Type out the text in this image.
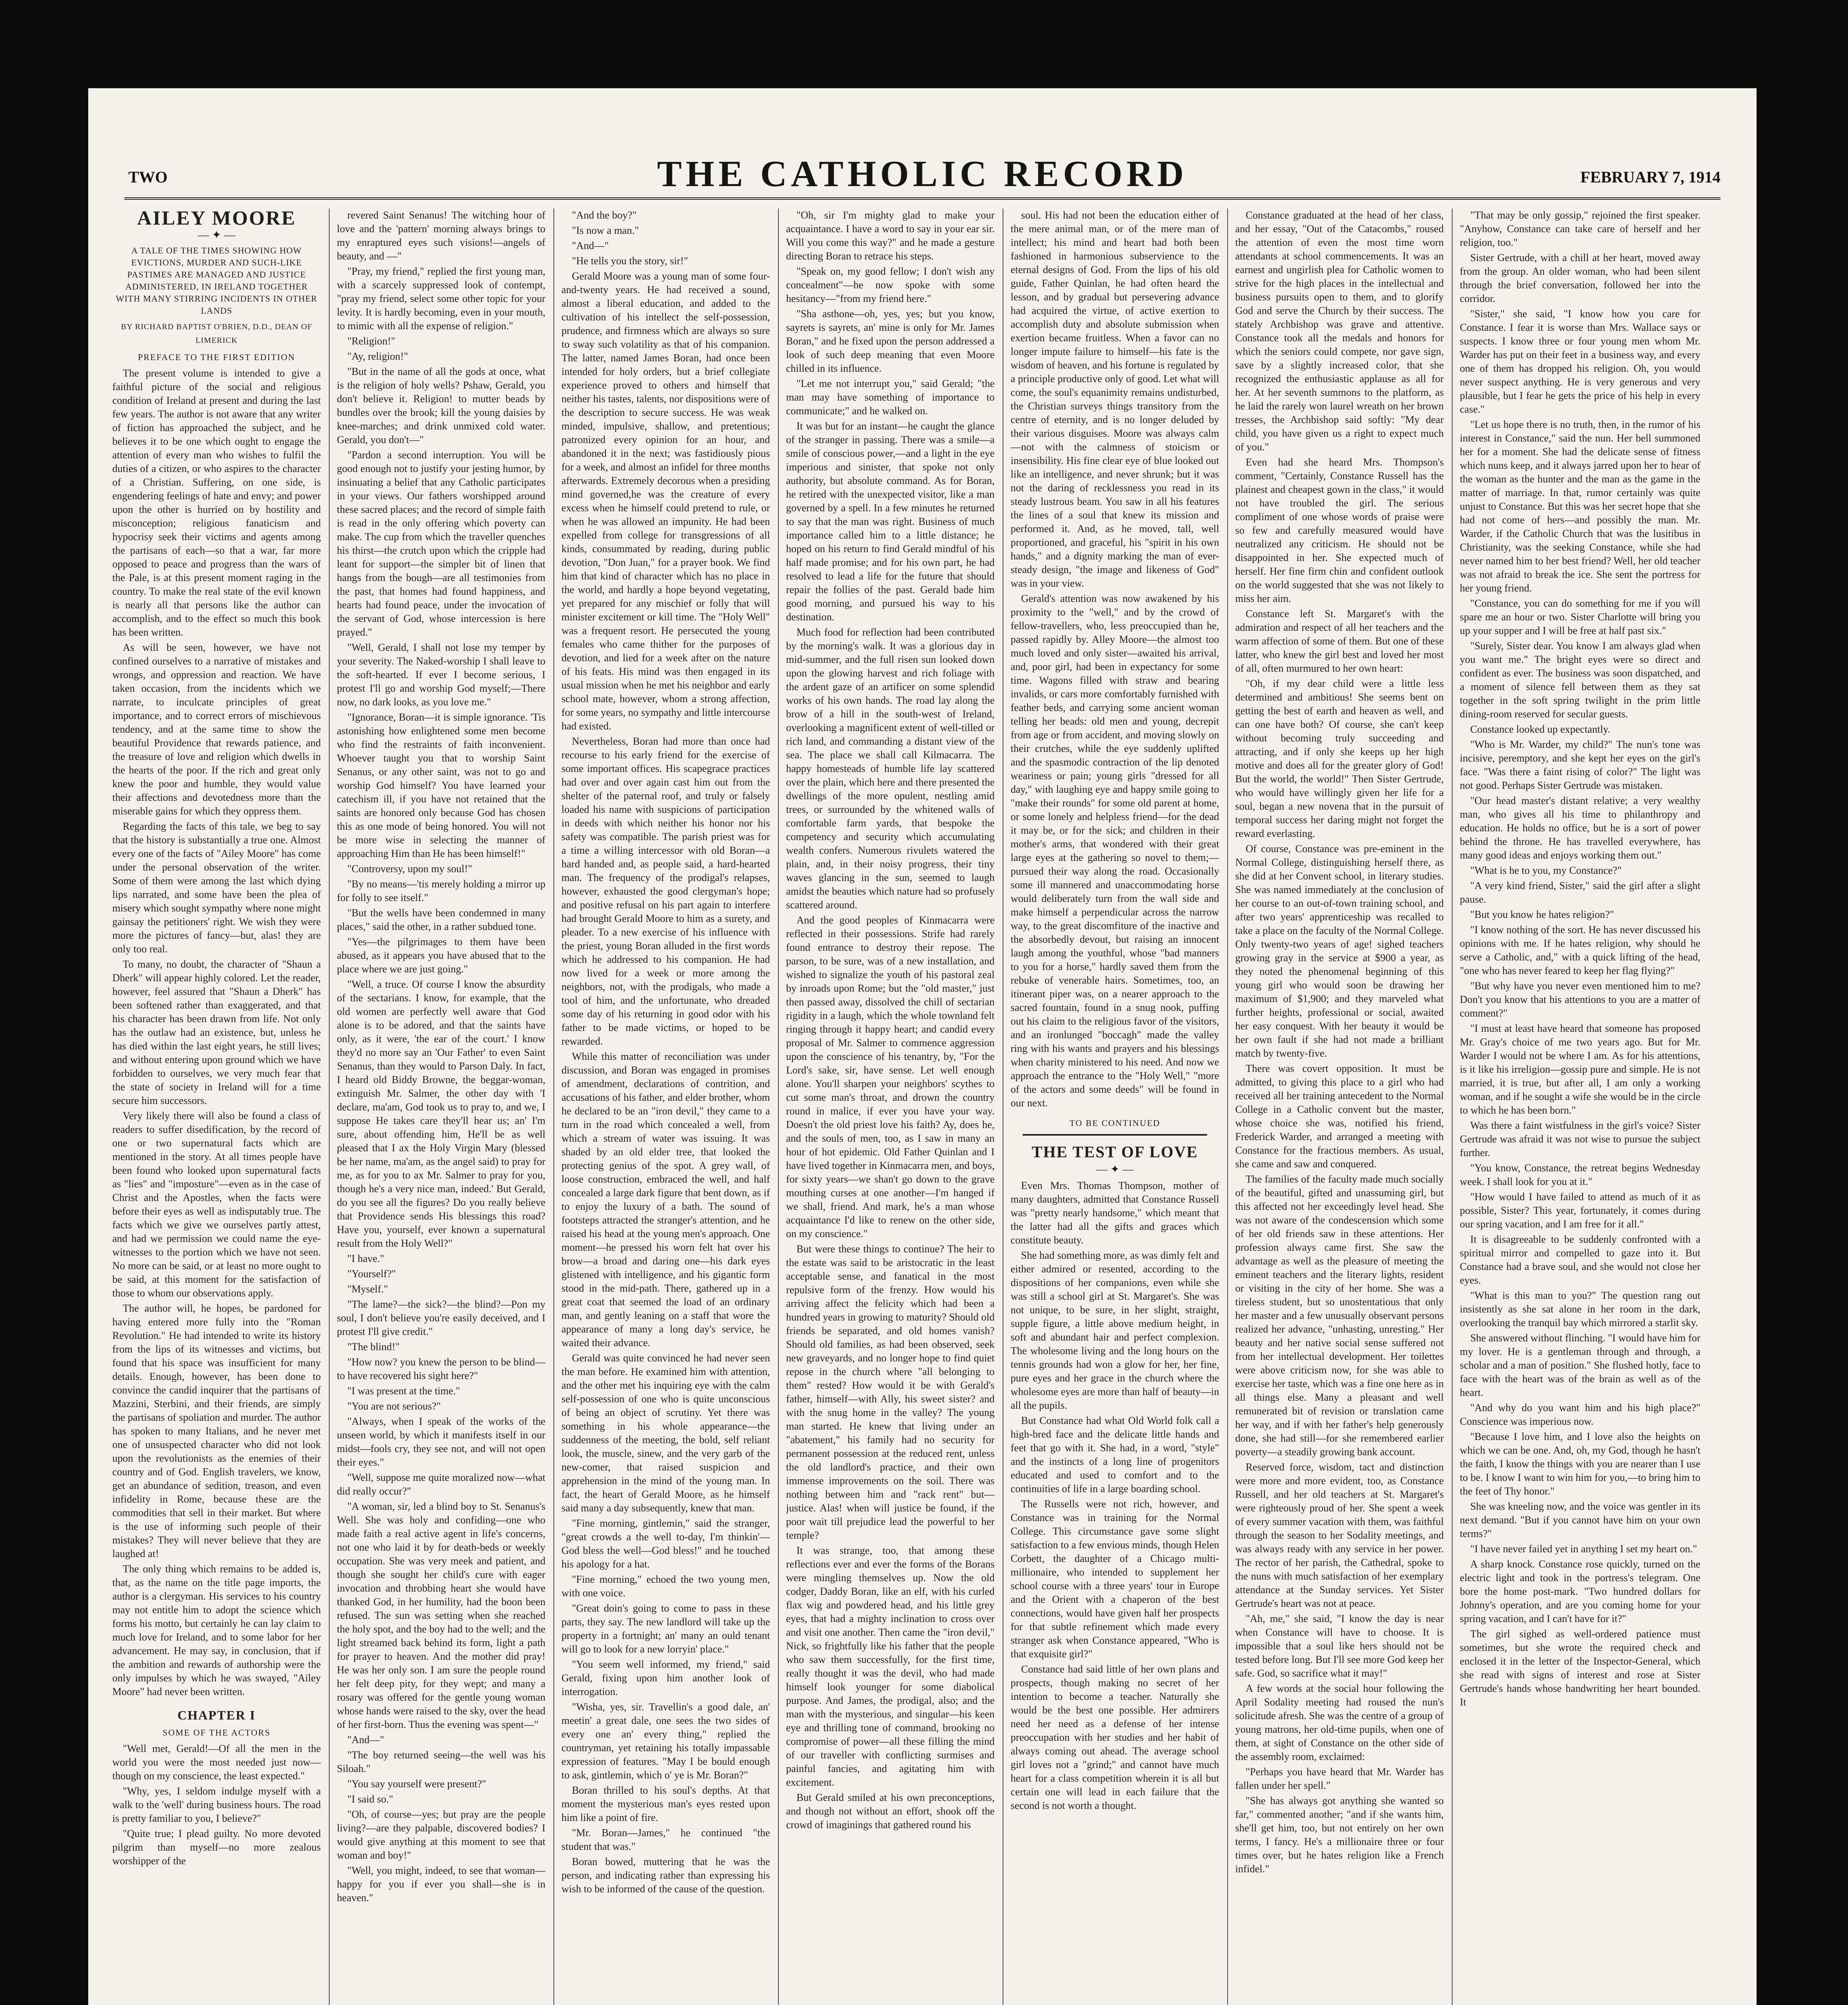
TWO	THE CATHOLIC RECORD	FEBRUARY 7, 1914
AILEY MOORE
— ✦ —
A TALE OF THE TIMES SHOWING HOW EVICTIONS, MURDER AND SUCH-LIKE PASTIMES ARE MANAGED AND JUSTICE ADMINISTERED, IN IRELAND TOGETHER WITH MANY STIRRING INCIDENTS IN OTHER LANDS
BY RICHARD BAPTIST O'BRIEN, D.D., DEAN OF LIMERICK
PREFACE TO THE FIRST EDITION

The present volume is intended to give a faithful picture of the social and religious condition of Ireland at present and during the last few years. The author is not aware that any writer of fiction has approached the subject, and he believes it to be one which ought to engage the attention of every man who wishes to fulfil the duties of a citizen, or who aspires to the character of a Christian. Suffering, on one side, is engendering feelings of hate and envy; and power upon the other is hurried on by hostility and misconception; religious fanaticism and hypocrisy seek their victims and agents among the partisans of each—so that a war, far more opposed to peace and progress than the wars of the Pale, is at this present moment raging in the country. To make the real state of the evil known is nearly all that persons like the author can accomplish, and to the effect so much this book has been written.

As will be seen, however, we have not confined ourselves to a narrative of mistakes and wrongs, and oppression and reaction. We have taken occasion, from the incidents which we narrate, to inculcate principles of great importance, and to correct errors of mischievous tendency, and at the same time to show the beautiful Providence that rewards patience, and the treasure of love and religion which dwells in the hearts of the poor. If the rich and great only knew the poor and humble, they would value their affections and devotedness more than the miserable gains for which they oppress them.

Regarding the facts of this tale, we beg to say that the history is substantially a true one. Almost every one of the facts of "Ailey Moore" has come under the personal observation of the writer. Some of them were among the last which dying lips narrated, and some have been the plea of misery which sought sympathy where none might gainsay the petitioners' right. We wish they were more the pictures of fancy—but, alas! they are only too real.

To many, no doubt, the character of "Shaun a Dherk" will appear highly colored. Let the reader, however, feel assured that "Shaun a Dherk" has been softened rather than exaggerated, and that his character has been drawn from life. Not only has the outlaw had an existence, but, unless he has died within the last eight years, he still lives; and without entering upon ground which we have forbidden to ourselves, we very much fear that the state of society in Ireland will for a time secure him successors.

Very likely there will also be found a class of readers to suffer disedification, by the record of one or two supernatural facts which are mentioned in the story. At all times people have been found who looked upon supernatural facts as "lies" and "imposture"—even as in the case of Christ and the Apostles, when the facts were before their eyes as well as indisputably true. The facts which we give we ourselves partly attest, and had we permission we could name the eye-witnesses to the portion which we have not seen. No more can be said, or at least no more ought to be said, at this moment for the satisfaction of those to whom our observations apply.

The author will, he hopes, be pardoned for having entered more fully into the "Roman Revolution." He had intended to write its history from the lips of its witnesses and victims, but found that his space was insufficient for many details. Enough, however, has been done to convince the candid inquirer that the partisans of Mazzini, Sterbini, and their friends, are simply the partisans of spoliation and murder. The author has spoken to many Italians, and he never met one of unsuspected character who did not look upon the revolutionists as the enemies of their country and of God. English travelers, we know, get an abundance of sedition, treason, and even infidelity in Rome, because these are the commodities that sell in their market. But where is the use of informing such people of their mistakes? They will never believe that they are laughed at!

The only thing which remains to be added is, that, as the name on the title page imports, the author is a clergyman. His services to his country may not entitle him to adopt the science which forms his motto, but certainly he can lay claim to much love for Ireland, and to some labor for her advancement. He may say, in conclusion, that if the ambition and rewards of authorship were the only impulses by which he was swayed, "Ailey Moore" had never been written.

CHAPTER I
SOME OF THE ACTORS

"Well met, Gerald!—Of all the men in the world you were the most needed just now—though on my conscience, the least expected."

"Why, yes, I seldom indulge myself with a walk to the 'well' during business hours. The road is pretty familiar to you, I believe?"

"Quite true; I plead guilty. No more devoted pilgrim than myself—no more zealous worshipper of the

revered Saint Senanus! The witching hour of love and the 'pattern' morning always brings to my enraptured eyes such visions!—angels of beauty, and —"

"Pray, my friend," replied the first young man, with a scarcely suppressed look of contempt, "pray my friend, select some other topic for your levity. It is hardly becoming, even in your mouth, to mimic with all the expense of religion."

"Religion!"

"Ay, religion!"

"But in the name of all the gods at once, what is the religion of holy wells? Pshaw, Gerald, you don't believe it. Religion! to mutter beads by bundles over the brook; kill the young daisies by knee-marches; and drink unmixed cold water. Gerald, you don't—"

"Pardon a second interruption. You will be good enough not to justify your jesting humor, by insinuating a belief that any Catholic participates in your views. Our fathers worshipped around these sacred places; and the record of simple faith is read in the only offering which poverty can make. The cup from which the traveller quenches his thirst—the crutch upon which the cripple had leant for support—the simpler bit of linen that hangs from the bough—are all testimonies from the past, that homes had found happiness, and hearts had found peace, under the invocation of the servant of God, whose intercession is here prayed."

"Well, Gerald, I shall not lose my temper by your severity. The Naked-worship I shall leave to the soft-hearted. If ever I become serious, I protest I'll go and worship God myself;—There now, no dark looks, as you love me."

"Ignorance, Boran—it is simple ignorance. 'Tis astonishing how enlightened some men become who find the restraints of faith inconvenient. Whoever taught you that to worship Saint Senanus, or any other saint, was not to go and worship God himself? You have learned your catechism ill, if you have not retained that the saints are honored only because God has chosen this as one mode of being honored. You will not be more wise in selecting the manner of approaching Him than He has been himself!"

"Controversy, upon my soul!"

"By no means—'tis merely holding a mirror up for folly to see itself."

"But the wells have been condemned in many places," said the other, in a rather subdued tone.

"Yes—the pilgrimages to them have been abused, as it appears you have abused that to the place where we are just going."

"Well, a truce. Of course I know the absurdity of the sectarians. I know, for example, that the old women are perfectly well aware that God alone is to be adored, and that the saints have only, as it were, 'the ear of the court.' I know they'd no more say an 'Our Father' to even Saint Senanus, than they would to Parson Daly. In fact, I heard old Biddy Browne, the beggar-woman, extinguish Mr. Salmer, the other day with 'I declare, ma'am, God took us to pray to, and we, I suppose He takes care they'll hear us; an' I'm sure, about offending him, He'll be as well pleased that I ax the Holy Virgin Mary (blessed be her name, ma'am, as the angel said) to pray for me, as for you to ax Mr. Salmer to pray for you, though he's a very nice man, indeed.' But Gerald, do you see all the figures? Do you really believe that Providence sends His blessings this road? Have you, yourself, ever known a supernatural result from the Holy Well?"

"I have."

"Yourself?"

"Myself."

"The lame?—the sick?—the blind?—Pon my soul, I don't believe you're easily deceived, and I protest I'll give credit."

"The blind!"

"How now? you knew the person to be blind—to have recovered his sight here?"

"I was present at the time."

"You are not serious?"

"Always, when I speak of the works of the unseen world, by which it manifests itself in our midst—fools cry, they see not, and will not open their eyes."

"Well, suppose me quite moralized now—what did really occur?"

"A woman, sir, led a blind boy to St. Senanus's Well. She was holy and confiding—one who made faith a real active agent in life's concerns, not one who laid it by for death-beds or weekly occupation. She was very meek and patient, and though she sought her child's cure with eager invocation and throbbing heart she would have thanked God, in her humility, had the boon been refused. The sun was setting when she reached the holy spot, and the boy had to the well; and the light streamed back behind its form, light a path for prayer to heaven. And the mother did pray! He was her only son. I am sure the people round her felt deep pity, for they wept; and many a rosary was offered for the gentle young woman whose hands were raised to the sky, over the head of her first-born. Thus the evening was spent—"

"And—"

"The boy returned seeing—the well was his Siloah."

"You say yourself were present?"

"I said so."

"Oh, of course—yes; but pray are the people living?—are they palpable, discovered bodies? I would give anything at this moment to see that woman and boy!"

"Well, you might, indeed, to see that woman—happy for you if ever you shall—she is in heaven."

"And the boy?"

"Is now a man."

"And—"

"He tells you the story, sir!"

Gerald Moore was a young man of some four-and-twenty years. He had received a sound, almost a liberal education, and added to the cultivation of his intellect the self-possession, prudence, and firmness which are always so sure to sway such volatility as that of his companion. The latter, named James Boran, had once been intended for holy orders, but a brief collegiate experience proved to others and himself that neither his tastes, talents, nor dispositions were of the description to secure success. He was weak minded, impulsive, shallow, and pretentious; patronized every opinion for an hour, and abandoned it in the next; was fastidiously pious for a week, and almost an infidel for three months afterwards. Extremely decorous when a presiding mind governed,he was the creature of every excess when he himself could pretend to rule, or when he was allowed an impunity. He had been expelled from college for transgressions of all kinds, consummated by reading, during public devotion, "Don Juan," for a prayer book. We find him that kind of character which has no place in the world, and hardly a hope beyond vegetating, yet prepared for any mischief or folly that will minister excitement or kill time. The "Holy Well" was a frequent resort. He persecuted the young females who came thither for the purposes of devotion, and lied for a week after on the nature of his feats. His mind was then engaged in its usual mission when he met his neighbor and early school mate, however, whom a strong affection, for some years, no sympathy and little intercourse had existed.

Nevertheless, Boran had more than once had recourse to his early friend for the exercise of some important offices. His scapegrace practices had over and over again cast him out from the shelter of the paternal roof, and truly or falsely loaded his name with suspicions of participation in deeds with which neither his honor nor his safety was compatible. The parish priest was for a time a willing intercessor with old Boran—a hard handed and, as people said, a hard-hearted man. The frequency of the prodigal's relapses, however, exhausted the good clergyman's hope; and positive refusal on his part again to interfere had brought Gerald Moore to him as a surety, and pleader. To a new exercise of his influence with the priest, young Boran alluded in the first words which he addressed to his companion. He had now lived for a week or more among the neighbors, not, with the prodigals, who made a tool of him, and the unfortunate, who dreaded some day of his returning in good odor with his father to be made victims, or hoped to be rewarded.

While this matter of reconciliation was under discussion, and Boran was engaged in promises of amendment, declarations of contrition, and accusations of his father, and elder brother, whom he declared to be an "iron devil," they came to a turn in the road which concealed a well, from which a stream of water was issuing. It was shaded by an old elder tree, that looked the protecting genius of the spot. A grey wall, of loose construction, embraced the well, and half concealed a large dark figure that bent down, as if to enjoy the luxury of a bath. The sound of footsteps attracted the stranger's attention, and he raised his head at the young men's approach. One moment—he pressed his worn felt hat over his brow—a broad and daring one—his dark eyes glistened with intelligence, and his gigantic form stood in the mid-path. There, gathered up in a great coat that seemed the load of an ordinary man, and gently leaning on a staff that wore the appearance of many a long day's service, he waited their advance.

Gerald was quite convinced he had never seen the man before. He examined him with attention, and the other met his inquiring eye with the calm self-possession of one who is quite unconscious of being an object of scrutiny. Yet there was something in his whole appearance—the suddenness of the meeting, the bold, self reliant look, the muscle, sinew, and the very garb of the new-comer, that raised suspicion and apprehension in the mind of the young man. In fact, the heart of Gerald Moore, as he himself said many a day subsequently, knew that man.

"Fine morning, gintlemin," said the stranger, "great crowds a the well to-day, I'm thinkin'—God bless the well—God bless!" and he touched his apology for a hat.

"Fine morning," echoed the two young men, with one voice.

"Great doin's going to come to pass in these parts, they say. The new landlord will take up the property in a fortnight; an' many an ould tenant will go to look for a new lorryin' place."

"You seem well informed, my friend," said Gerald, fixing upon him another look of interrogation.

"Wisha, yes, sir. Travellin's a good dale, an' meetin' a great dale, one sees the two sides of every one an' every thing," replied the countryman, yet retaining his totally impassable expression of features. "May I be bould enough to ask, gintlemin, which o' ye is Mr. Boran?"

Boran thrilled to his soul's depths. At that moment the mysterious man's eyes rested upon him like a point of fire.

"Mr. Boran—James," he continued "the student that was."

Boran bowed, muttering that he was the person, and indicating rather than expressing his wish to be informed of the cause of the question.

"Oh, sir I'm mighty glad to make your acquaintance. I have a word to say in your ear sir. Will you come this way?" and he made a gesture directing Boran to retrace his steps.

"Speak on, my good fellow; I don't wish any concealment"—he now spoke with some hesitancy—"from my friend here."

"Sha asthone—oh, yes, yes; but you know, sayrets is sayrets, an' mine is only for Mr. James Boran," and he fixed upon the person addressed a look of such deep meaning that even Moore chilled in its influence.

"Let me not interrupt you," said Gerald; "the man may have something of importance to communicate;" and he walked on.

It was but for an instant—he caught the glance of the stranger in passing. There was a smile—a smile of conscious power,—and a light in the eye imperious and sinister, that spoke not only authority, but absolute command. As for Boran, he retired with the unexpected visitor, like a man governed by a spell. In a few minutes he returned to say that the man was right. Business of much importance called him to a little distance; he hoped on his return to find Gerald mindful of his half made promise; and for his own part, he had resolved to lead a life for the future that should repair the follies of the past. Gerald bade him good morning, and pursued his way to his destination.

Much food for reflection had been contributed by the morning's walk. It was a glorious day in mid-summer, and the full risen sun looked down upon the glowing harvest and rich foliage with the ardent gaze of an artificer on some splendid works of his own hands. The road lay along the brow of a hill in the south-west of Ireland, overlooking a magnificent extent of well-tilled or rich land, and commanding a distant view of the sea. The place we shall call Kilmacarra. The happy homesteads of humble life lay scattered over the plain, which here and there presented the dwellings of the more opulent, nestling amid trees, or surrounded by the whitened walls of comfortable farm yards, that bespoke the competency and security which accumulating wealth confers. Numerous rivulets watered the plain, and, in their noisy progress, their tiny waves glancing in the sun, seemed to laugh amidst the beauties which nature had so profusely scattered around.

And the good peoples of Kinmacarra were reflected in their possessions. Strife had rarely found entrance to destroy their repose. The parson, to be sure, was of a new installation, and wished to signalize the youth of his pastoral zeal by inroads upon Rome; but the "old master," just then passed away, dissolved the chill of sectarian rigidity in a laugh, which the whole townland felt ringing through it happy heart; and candid every proposal of Mr. Salmer to commence aggression upon the conscience of his tenantry, by, "For the Lord's sake, sir, have sense. Let well enough alone. You'll sharpen your neighbors' scythes to cut some man's throat, and drown the country round in malice, if ever you have your way. Doesn't the old priest love his faith? Ay, does he, and the souls of men, too, as I saw in many an hour of hot epidemic. Old Father Quinlan and I have lived together in Kinmacarra men, and boys, for sixty years—we shan't go down to the grave mouthing curses at one another—I'm hanged if we shall, friend. And mark, he's a man whose acquaintance I'd like to renew on the other side, on my conscience."

But were these things to continue? The heir to the estate was said to be aristocratic in the least acceptable sense, and fanatical in the most repulsive form of the frenzy. How would his arriving affect the felicity which had been a hundred years in growing to maturity? Should old friends be separated, and old homes vanish? Should old families, as had been observed, seek new graveyards, and no longer hope to find quiet repose in the church where "all belonging to them" rested? How would it be with Gerald's father, himself—with Ally, his sweet sister? and with the snug home in the valley? The young man started. He knew that living under an "abatement," his family had no security for permanent possession at the reduced rent, unless the old landlord's practice, and their own immense improvements on the soil. There was nothing between him and "rack rent" but—justice. Alas! when will justice be found, if the poor wait till prejudice lead the powerful to her temple?

It was strange, too, that among these reflections ever and ever the forms of the Borans were mingling themselves up. Now the old codger, Daddy Boran, like an elf, with his curled flax wig and powdered head, and his little grey eyes, that had a mighty inclination to cross over and visit one another. Then came the "iron devil," Nick, so frightfully like his father that the people who saw them successfully, for the first time, really thought it was the devil, who had made himself look younger for some diabolical purpose. And James, the prodigal, also; and the man with the mysterious, and singular—his keen eye and thrilling tone of command, brooking no compromise of power—all these filling the mind of our traveller with conflicting surmises and painful fancies, and agitating him with excitement.

But Gerald smiled at his own preconceptions, and though not without an effort, shook off the crowd of imaginings that gathered round his

soul. His had not been the education either of the mere animal man, or of the mere man of intellect; his mind and heart had both been fashioned in harmonious subservience to the eternal designs of God. From the lips of his old guide, Father Quinlan, he had often heard the lesson, and by gradual but persevering advance had acquired the virtue, of active exertion to accomplish duty and absolute submission when exertion became fruitless. When a favor can no longer impute failure to himself—his fate is the wisdom of heaven, and his fortune is regulated by a principle productive only of good. Let what will come, the soul's equanimity remains undisturbed, the Christian surveys things transitory from the centre of eternity, and is no longer deluded by their various disguises. Moore was always calm—not with the calmness of stoicism or insensibility. His fine clear eye of blue looked out like an intelligence, and never shrunk; but it was not the daring of recklessness you read in its steady lustrous beam. You saw in all his features the lines of a soul that knew its mission and performed it. And, as he moved, tall, well proportioned, and graceful, his "spirit in his own hands," and a dignity marking the man of ever-steady design, "the image and likeness of God" was in your view.

Gerald's attention was now awakened by his proximity to the "well," and by the crowd of fellow-travellers, who, less preoccupied than he, passed rapidly by. Alley Moore—the almost too much loved and only sister—awaited his arrival, and, poor girl, had been in expectancy for some time. Wagons filled with straw and bearing invalids, or cars more comfortably furnished with feather beds, and carrying some ancient woman telling her beads: old men and young, decrepit from age or from accident, and moving slowly on their crutches, while the eye suddenly uplifted and the spasmodic contraction of the lip denoted weariness or pain; young girls "dressed for all day," with laughing eye and happy smile going to "make their rounds" for some old parent at home, or some lonely and helpless friend—for the dead it may be, or for the sick; and children in their mother's arms, that wondered with their great large eyes at the gathering so novel to them;—pursued their way along the road. Occasionally some ill mannered and unaccommodating horse would deliberately turn from the wall side and make himself a perpendicular across the narrow way, to the great discomfiture of the inactive and the absorbedly devout, but raising an innocent laugh among the youthful, whose "bad manners to you for a horse," hardly saved them from the rebuke of venerable hairs. Sometimes, too, an itinerant piper was, on a nearer approach to the sacred fountain, found in a snug nook, puffing out his claim to the religious favor of the visitors, and an ironlunged "boccagh" made the valley ring with his wants and prayers and his blessings when charity ministered to his need. And now we approach the entrance to the "Holy Well," "more of the actors and some deeds" will be found in our next.

TO BE CONTINUED
THE TEST OF LOVE
— ✦ —

Even Mrs. Thomas Thompson, mother of many daughters, admitted that Constance Russell was "pretty nearly handsome," which meant that the latter had all the gifts and graces which constitute beauty.

She had something more, as was dimly felt and either admired or resented, according to the dispositions of her companions, even while she was still a school girl at St. Margaret's. She was not unique, to be sure, in her slight, straight, supple figure, a little above medium height, in soft and abundant hair and perfect complexion. The wholesome living and the long hours on the tennis grounds had won a glow for her, her fine, pure eyes and her grace in the church where the wholesome eyes are more than half of beauty—in all the pupils.

But Constance had what Old World folk call a high-bred face and the delicate little hands and feet that go with it. She had, in a word, "style" and the instincts of a long line of progenitors educated and used to comfort and to the continuities of life in a large boarding school.

The Russells were not rich, however, and Constance was in training for the Normal College. This circumstance gave some slight satisfaction to a few envious minds, though Helen Corbett, the daughter of a Chicago multi-millionaire, who intended to supplement her school course with a three years' tour in Europe and the Orient with a chaperon of the best connections, would have given half her prospects for that subtle refinement which made every stranger ask when Constance appeared, "Who is that exquisite girl?"

Constance had said little of her own plans and prospects, though making no secret of her intention to become a teacher. Naturally she would be the best one possible. Her admirers need her need as a defense of her intense preoccupation with her studies and her habit of always coming out ahead. The average school girl loves not a "grind;" and cannot have much heart for a class competition wherein it is all but certain one will lead in each failure that the second is not worth a thought.

Constance graduated at the head of her class, and her essay, "Out of the Catacombs," roused the attention of even the most time worn attendants at school commencements. It was an earnest and ungirlish plea for Catholic women to strive for the high places in the intellectual and business pursuits open to them, and to glorify God and serve the Church by their success. The stately Archbishop was grave and attentive. Constance took all the medals and honors for which the seniors could compete, nor gave sign, save by a slightly increased color, that she recognized the enthusiastic applause as all for her. At her seventh summons to the platform, as he laid the rarely won laurel wreath on her brown tresses, the Archbishop said softly: "My dear child, you have given us a right to expect much of you."

Even had she heard Mrs. Thompson's comment, "Certainly, Constance Russell has the plainest and cheapest gown in the class," it would not have troubled the girl. The serious compliment of one whose words of praise were so few and carefully measured would have neutralized any criticism. He should not be disappointed in her. She expected much of herself. Her fine firm chin and confident outlook on the world suggested that she was not likely to miss her aim.

Constance left St. Margaret's with the admiration and respect of all her teachers and the warm affection of some of them. But one of these latter, who knew the girl best and loved her most of all, often murmured to her own heart:

"Oh, if my dear child were a little less determined and ambitious! She seems bent on getting the best of earth and heaven as well, and can one have both? Of course, she can't keep without becoming truly succeeding and attracting, and if only she keeps up her high motive and does all for the greater glory of God! But the world, the world!" Then Sister Gertrude, who would have willingly given her life for a soul, began a new novena that in the pursuit of temporal success her daring might not forget the reward everlasting.

Of course, Constance was pre-eminent in the Normal College, distinguishing herself there, as she did at her Convent school, in literary studies. She was named immediately at the conclusion of her course to an out-of-town training school, and after two years' apprenticeship was recalled to take a place on the faculty of the Normal College. Only twenty-two years of age! sighed teachers growing gray in the service at $900 a year, as they noted the phenomenal beginning of this young girl who would soon be drawing her maximum of $1,900; and they marveled what further heights, professional or social, awaited her easy conquest. With her beauty it would be her own fault if she had not made a brilliant match by twenty-five.

There was covert opposition. It must be admitted, to giving this place to a girl who had received all her training antecedent to the Normal College in a Catholic convent but the master, whose choice she was, notified his friend, Frederick Warder, and arranged a meeting with Constance for the fractious members. As usual, she came and saw and conquered.

The families of the faculty made much socially of the beautiful, gifted and unassuming girl, but this affected not her exceedingly level head. She was not aware of the condescension which some of her old friends saw in these attentions. Her profession always came first. She saw the advantage as well as the pleasure of meeting the eminent teachers and the literary lights, resident or visiting in the city of her home. She was a tireless student, but so unostentatious that only her master and a few unusually observant persons realized her advance, "unhasting, unresting." Her beauty and her native social sense suffered not from her intellectual development. Her toilettes were above criticism now, for she was able to exercise her taste, which was a fine one here as in all things else. Many a pleasant and well remunerated bit of revision or translation came her way, and if with her father's help generously done, she had still—for she remembered earlier poverty—a steadily growing bank account.

Reserved force, wisdom, tact and distinction were more and more evident, too, as Constance Russell, and her old teachers at St. Margaret's were righteously proud of her. She spent a week of every summer vacation with them, was faithful through the season to her Sodality meetings, and was always ready with any service in her power. The rector of her parish, the Cathedral, spoke to the nuns with much satisfaction of her exemplary attendance at the Sunday services. Yet Sister Gertrude's heart was not at peace.

"Ah, me," she said, "I know the day is near when Constance will have to choose. It is impossible that a soul like hers should not be tested before long. But I'll see more God keep her safe. God, so sacrifice what it may!"

A few words at the social hour following the April Sodality meeting had roused the nun's solicitude afresh. She was the centre of a group of young matrons, her old-time pupils, when one of them, at sight of Constance on the other side of the assembly room, exclaimed:

"Perhaps you have heard that Mr. Warder has fallen under her spell."

"She has always got anything she wanted so far," commented another; "and if she wants him, she'll get him, too, but not entirely on her own terms, I fancy. He's a millionaire three or four times over, but he hates religion like a French infidel."

"That may be only gossip," rejoined the first speaker. "Anyhow, Constance can take care of herself and her religion, too."

Sister Gertrude, with a chill at her heart, moved away from the group. An older woman, who had been silent through the brief conversation, followed her into the corridor.

"Sister," she said, "I know how you care for Constance. I fear it is worse than Mrs. Wallace says or suspects. I know three or four young men whom Mr. Warder has put on their feet in a business way, and every one of them has dropped his religion. Oh, you would never suspect anything. He is very generous and very plausible, but I fear he gets the price of his help in every case."

"Let us hope there is no truth, then, in the rumor of his interest in Constance," said the nun. Her bell summoned her for a moment. She had the delicate sense of fitness which nuns keep, and it always jarred upon her to hear of the woman as the hunter and the man as the game in the matter of marriage. In that, rumor certainly was quite unjust to Constance. But this was her secret hope that she had not come of hers—and possibly the man. Mr. Warder, if the Catholic Church that was the lusitibus in Christianity, was the seeking Constance, while she had never named him to her best friend? Well, her old teacher was not afraid to break the ice. She sent the portress for her young friend.

"Constance, you can do something for me if you will spare me an hour or two. Sister Charlotte will bring you up your supper and I will be free at half past six."

"Surely, Sister dear. You know I am always glad when you want me." The bright eyes were so direct and confident as ever. The business was soon dispatched, and a moment of silence fell between them as they sat together in the soft spring twilight in the prim little dining-room reserved for secular guests.

Constance looked up expectantly.

"Who is Mr. Warder, my child?" The nun's tone was incisive, peremptory, and she kept her eyes on the girl's face. "Was there a faint rising of color?" The light was not good. Perhaps Sister Gertrude was mistaken.

"Our head master's distant relative; a very wealthy man, who gives all his time to philanthropy and education. He holds no office, but he is a sort of power behind the throne. He has travelled everywhere, has many good ideas and enjoys working them out."

"What is he to you, my Constance?"

"A very kind friend, Sister," said the girl after a slight pause.

"But you know he hates religion?"

"I know nothing of the sort. He has never discussed his opinions with me. If he hates religion, why should he serve a Catholic, and," with a quick lifting of the head, "one who has never feared to keep her flag flying?"

"But why have you never even mentioned him to me? Don't you know that his attentions to you are a matter of comment?"

"I must at least have heard that someone has proposed Mr. Gray's choice of me two years ago. But for Mr. Warder I would not be where I am. As for his attentions, is it like his irreligion—gossip pure and simple. He is not married, it is true, but after all, I am only a working woman, and if he sought a wife she would be in the circle to which he has been born."

Was there a faint wistfulness in the girl's voice? Sister Gertrude was afraid it was not wise to pursue the subject further.

"You know, Constance, the retreat begins Wednesday week. I shall look for you at it."

"How would I have failed to attend as much of it as possible, Sister? This year, fortunately, it comes during our spring vacation, and I am free for it all."

It is disagreeable to be suddenly confronted with a spiritual mirror and compelled to gaze into it. But Constance had a brave soul, and she would not close her eyes.

"What is this man to you?" The question rang out insistently as she sat alone in her room in the dark, overlooking the tranquil bay which mirrored a starlit sky.

She answered without flinching. "I would have him for my lover. He is a gentleman through and through, a scholar and a man of position." She flushed hotly, face to face with the heart was of the brain as well as of the heart.

"And why do you want him and his high place?" Conscience was imperious now.

"Because I love him, and I love also the heights on which we can be one. And, oh, my God, though he hasn't the faith, I know the things with you are nearer than I use to be. I know I want to win him for you,—to bring him to the feet of Thy honor."

She was kneeling now, and the voice was gentler in its next demand. "But if you cannot have him on your own terms?"

"I have never failed yet in anything I set my heart on."

A sharp knock. Constance rose quickly, turned on the electric light and took in the portress's telegram. One bore the home post-mark. "Two hundred dollars for Johnny's operation, and are you coming home for your spring vacation, and I can't have for it?"

The girl sighed as well-ordered patience must sometimes, but she wrote the required check and enclosed it in the letter of the Inspector-General, which she read with signs of interest and rose at Sister Gertrude's hands whose handwriting her heart bounded. It
